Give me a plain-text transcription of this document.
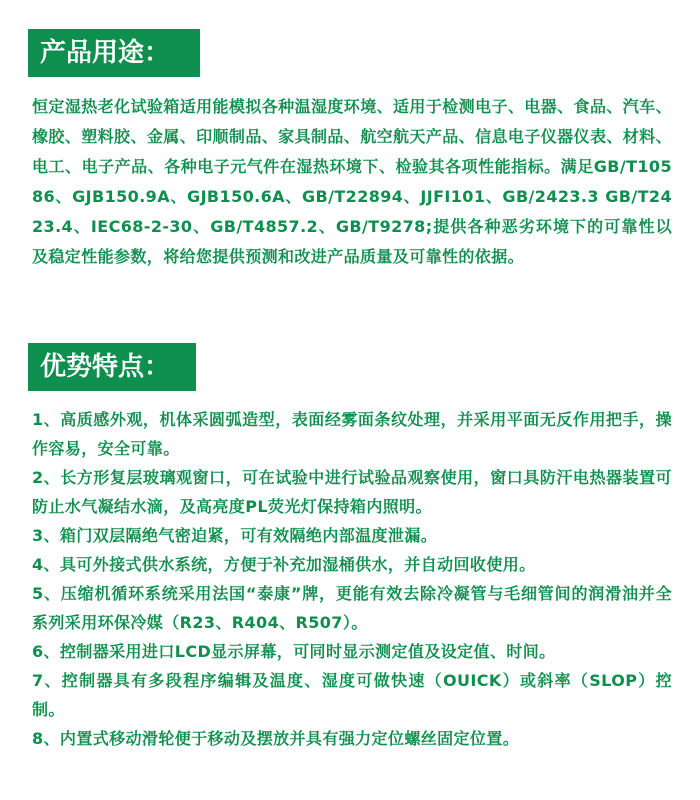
产品用途：
恒定湿热老化试验箱适用能模拟各种温湿度环境、适用于检测电子、电器、食品、汽车、橡胶、塑料胶、金属、印顺制品、家具制品、航空航天产品、信息电子仪器仪表、材料、电工、电子产品、各种电子元气件在湿热环境下、检验其各项性能指标。满足GB/T10586、GJB150.9A、GJB150.6A、GB/T22894、JJFI101、GB/2423.3 GB/T2423.4、IEC68-2-30、GB/T4857.2、GB/T9278;提供各种恶劣环境下的可靠性以及稳定性能参数，将给您提供预测和改进产品质量及可靠性的依据。
优势特点：
1、高质感外观，机体采圆弧造型，表面经雾面条纹处理，并采用平面无反作用把手，操作容易，安全可靠。
2、长方形复层玻璃观窗口，可在试验中进行试验品观察使用，窗口具防汗电热器装置可防止水气凝结水滴，及高亮度PL荧光灯保持箱内照明。
3、箱门双层隔绝气密迫紧，可有效隔绝内部温度泄漏。
4、具可外接式供水系统，方便于补充加湿桶供水，并自动回收使用。
5、压缩机循环系统采用法国“泰康”牌，更能有效去除冷凝管与毛细管间的润滑油并全系列采用环保冷媒（R23、R404、R507）。
6、控制器采用进口LCD显示屏幕，可同时显示测定值及设定值、时间。
7、控制器具有多段程序编辑及温度、湿度可做快速（OUICK）或斜率（SLOP）控制。
8、内置式移动滑轮便于移动及摆放并具有强力定位螺丝固定位置。
